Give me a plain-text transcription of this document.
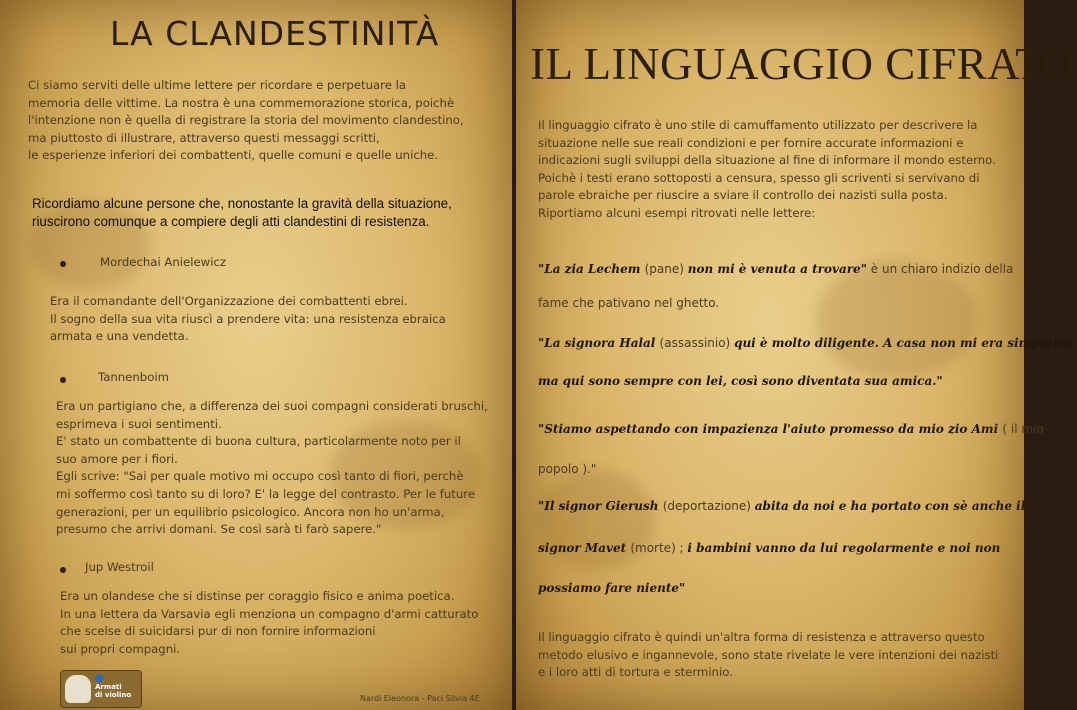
LA CLANDESTINITÀ

Ci siamo serviti delle ultime lettere per ricordare e perpetuare la
memoria delle vittime. La nostra è una commemorazione storica, poichè
l'intenzione non è quella di registrare la storia del movimento clandestino,
ma piuttosto di illustrare, attraverso questi messaggi scritti,
le esperienze inferiori dei combattenti, quelle comuni e quelle uniche.

Ricordiamo alcune persone che, nonostante la gravità della situazione,
riuscirono comunque a compiere degli atti clandestini di resistenza.

Mordechai Anielewicz

Era il comandante dell'Organizzazione dei combattenti ebrei.
Il sogno della sua vita riuscì a prendere vita: una resistenza ebraica
armata e una vendetta.

Tannenboim

Era un partigiano che, a differenza dei suoi compagni considerati bruschi,
esprimeva i suoi sentimenti.
E' stato un combattente di buona cultura, particolarmente noto per il
suo amore per i fiori.
Egli scrive: "Sai per quale motivo mi occupo così tanto di fiori, perchè
mi soffermo così tanto su di loro? E' la legge del contrasto. Per le future
generazioni, per un equilibrio psicologico. Ancora non ho un'arma,
presumo che arrivi domani. Se così sarà ti farò sapere."

Jup Westroil

Era un olandese che si distinse per coraggio fisico e anima poetica.
In una lettera da Varsavia egli menziona un compagno d'armi catturato
che scelse di suicidarsi pur di non fornire informazioni
sui propri compagni.

Armati
di violino	Nardi Eleonora - Paci Silvia 4E
IL LINGUAGGIO CIFRATO

Il linguaggio cifrato è uno stile di camuffamento utilizzato per descrivere la
situazione nelle sue reali condizioni e per fornire accurate informazioni e
indicazioni sugli sviluppi della situazione al fine di informare il mondo esterno.
Poichè i testi erano sottoposti a censura, spesso gli scriventi si servivano di
parole ebraiche per riuscire a sviare il controllo dei nazisti sulla posta.
Riportiamo alcuni esempi ritrovati nelle lettere:

"La zia Lechem (pane) non mi è venuta a trovare" è un chiaro indizio della
fame che pativano nel ghetto.
"La signora Halal (assassinio) qui è molto diligente. A casa non mi era simpatica,
ma qui sono sempre con lei, così sono diventata sua amica."
"Stiamo aspettando con impazienza l'aiuto promesso da mio zio Ami ( il mio
popolo )."
"Il signor Gierush (deportazione) abita da noi e ha portato con sè anche il
signor Mavet (morte) ; i bambini vanno da lui regolarmente e noi non
possiamo fare niente"

Il linguaggio cifrato è quindi un'altra forma di resistenza e attraverso questo
metodo elusivo e ingannevole, sono state rivelate le vere intenzioni dei nazisti
e i loro atti di tortura e sterminio.
